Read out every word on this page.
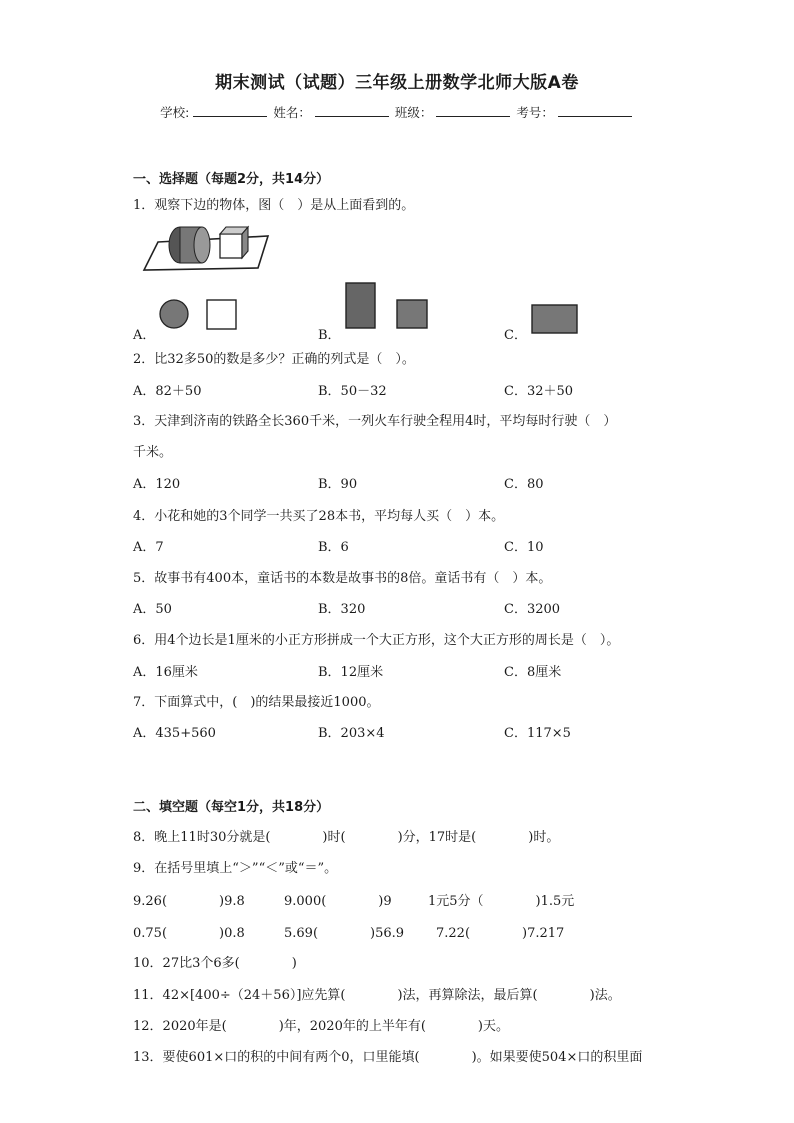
期末测试（试题）三年级上册数学北师大版A卷
学校:	姓名：	班级：	考号：
一、选择题（每题2分，共14分）
1．观察下边的物体，图（　）是从上面看到的。
A．	B．	C．
2．比32多50的数是多少？正确的列式是（　）。
A．82＋50	B．50－32	C．32＋50
3．天津到济南的铁路全长360千米，一列火车行驶全程用4时，平均每时行驶（　）
千米。
A．120	B．90	C．80
4．小花和她的3个同学一共买了28本书，平均每人买（　）本。
A．7	B．6	C．10
5．故事书有400本，童话书的本数是故事书的8倍。童话书有（　）本。
A．50	B．320	C．3200
6．用4个边长是1厘米的小正方形拼成一个大正方形，这个大正方形的周长是（　）。
A．16厘米	B．12厘米	C．8厘米
7．下面算式中，(　)的结果最接近1000。
A．435+560	B．203×4	C．117×5
二、填空题（每空1分，共18分）
8．晚上11时30分就是(　　　　)时(　　　　)分，17时是(　　　　)时。
9．在括号里填上“＞”“＜”或“＝”。
9.26(　　　　)9.8	9.000(　　　　)9	1元5分（　　　　)1.5元
0.75(　　　　)0.8	5.69(　　　　)56.9 7.22(　　　　)7.217
10．27比3个6多(　　　　)
11．42×[400÷（24＋56）]应先算(　　　　)法，再算除法，最后算(　　　　)法。
12．2020年是(　　　　)年，2020年的上半年有(　　　　)天。
13．要使601×口的积的中间有两个0，口里能填(　　　　)。如果要使504×口的积里面
